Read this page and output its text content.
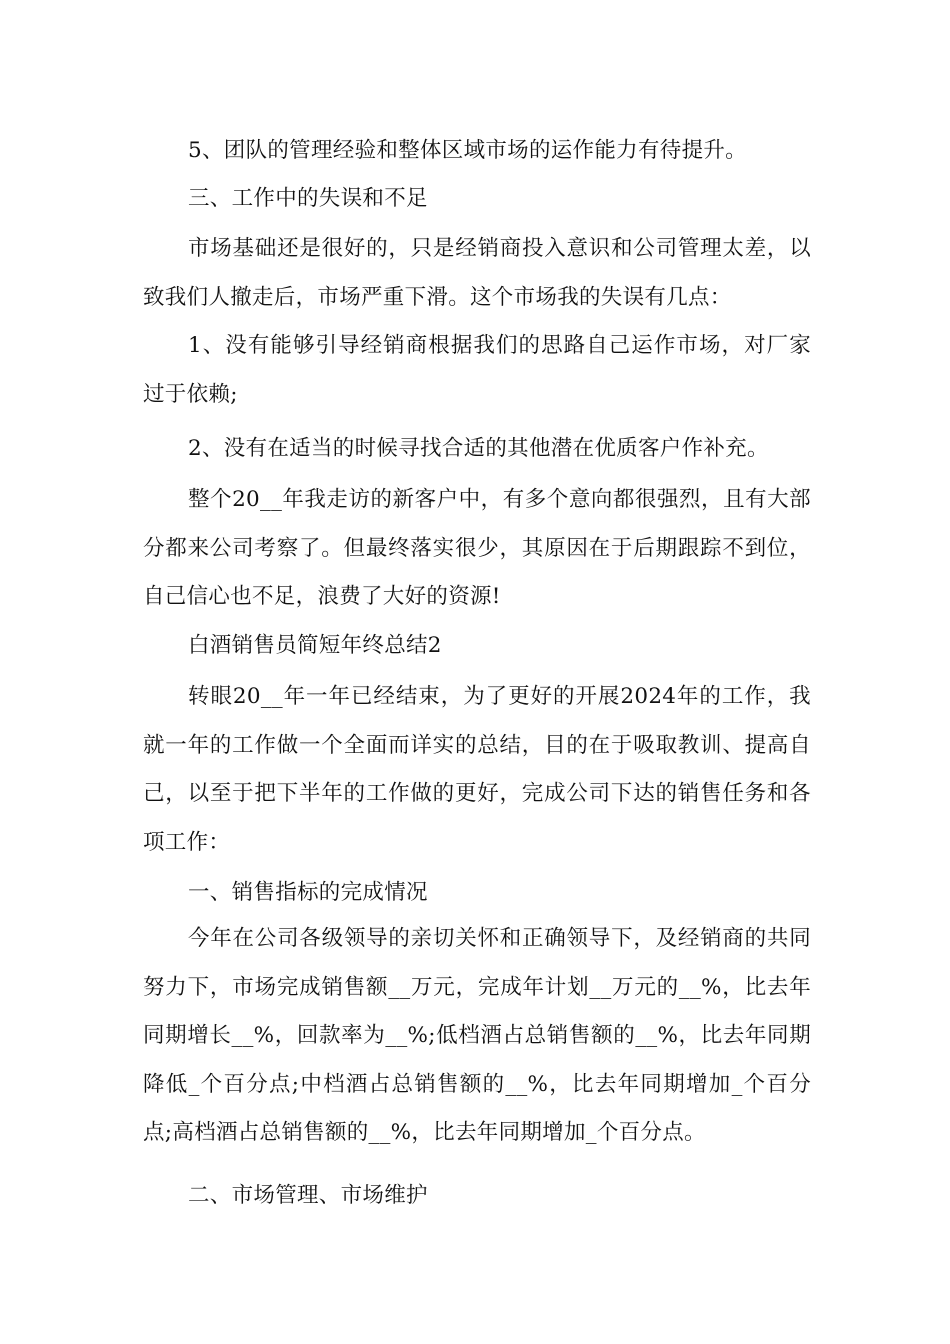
5、团队的管理经验和整体区域市场的运作能力有待提升。

三、工作中的失误和不足

市场基础还是很好的，只是经销商投入意识和公司管理太差，以致我们人撤走后，市场严重下滑。这个市场我的失误有几点：

1、没有能够引导经销商根据我们的思路自己运作市场，对厂家过于依赖;

2、没有在适当的时候寻找合适的其他潜在优质客户作补充。

整个20__年我走访的新客户中，有多个意向都很强烈，且有大部分都来公司考察了。但最终落实很少，其原因在于后期跟踪不到位，自己信心也不足，浪费了大好的资源!

白酒销售员简短年终总结2

转眼20__年一年已经结束，为了更好的开展2024年的工作，我就一年的工作做一个全面而详实的总结，目的在于吸取教训、提高自己，以至于把下半年的工作做的更好，完成公司下达的销售任务和各项工作：

一、销售指标的完成情况

今年在公司各级领导的亲切关怀和正确领导下，及经销商的共同努力下，市场完成销售额__万元，完成年计划__万元的__%，比去年同期增长__%，回款率为__%;低档酒占总销售额的__%，比去年同期降低_个百分点;中档酒占总销售额的__%，比去年同期增加_个百分点;高档酒占总销售额的__%，比去年同期增加_个百分点。

二、市场管理、市场维护
